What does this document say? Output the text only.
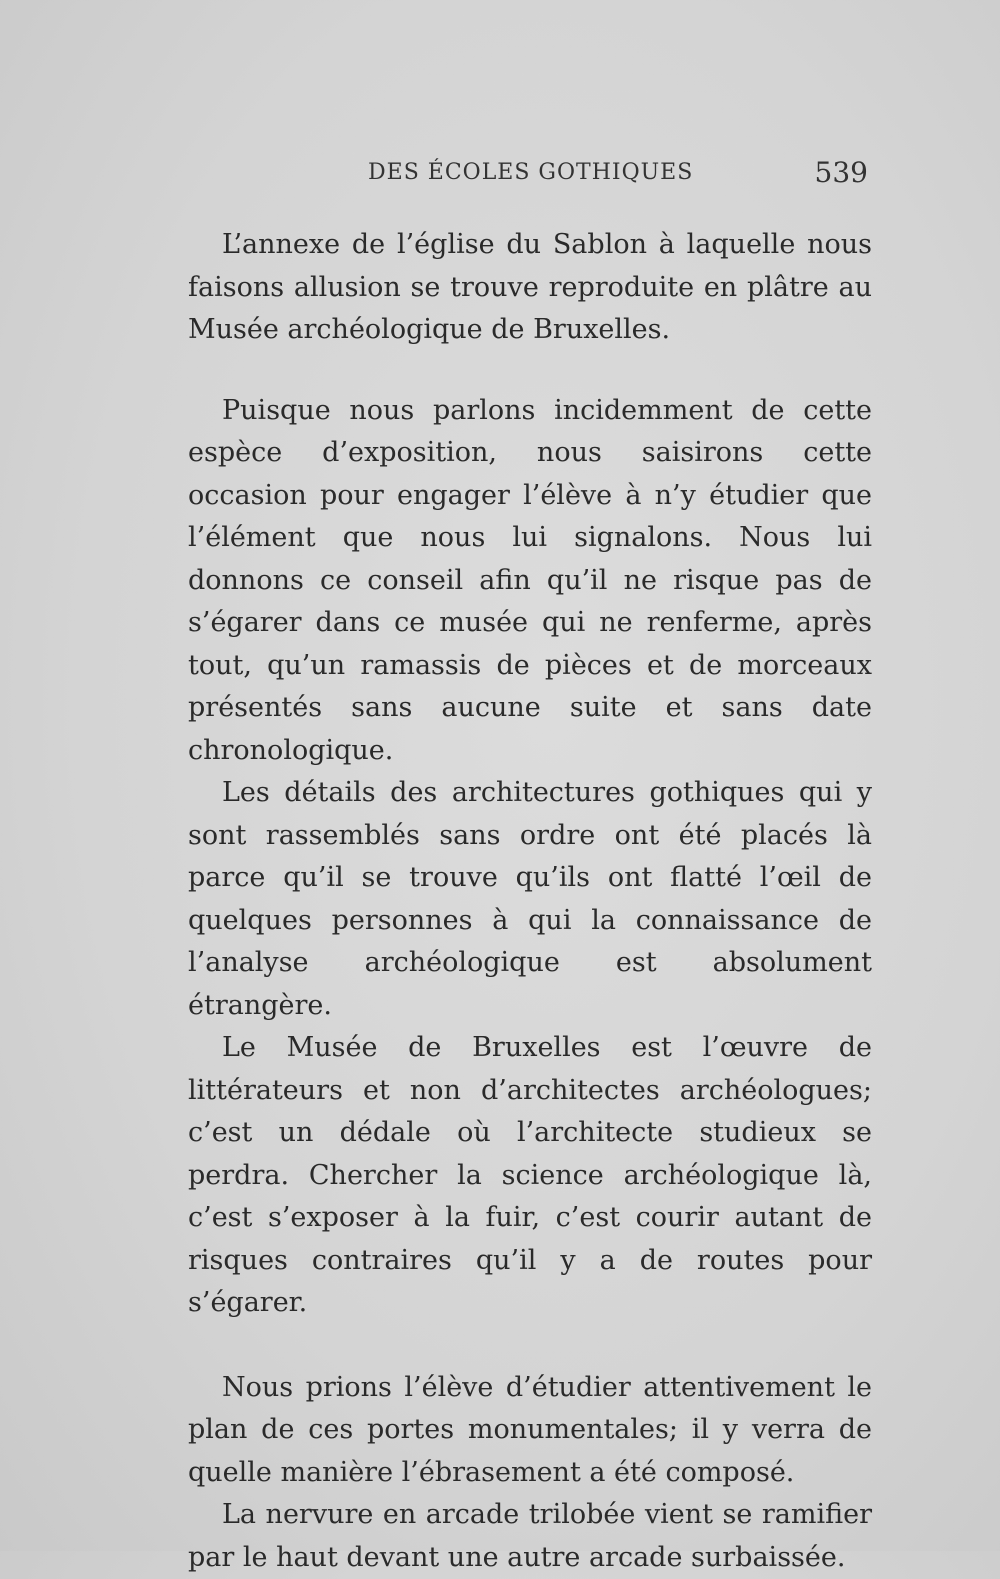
DES ÉCOLES GOTHIQUES	539

L’annexe de l’église du Sablon à laquelle nous faisons allusion se trouve reproduite en plâtre au Musée archéologique de Bruxelles.

Puisque nous parlons incidemment de cette espèce d’exposition, nous saisirons cette occasion pour engager l’élève à n’y étudier que l’élément que nous lui signalons. Nous lui donnons ce conseil afin qu’il ne risque pas de s’égarer dans ce musée qui ne renferme, après tout, qu’un ramassis de pièces et de morceaux présentés sans aucune suite et sans date chronologique.

Les détails des architectures gothiques qui y sont rassemblés sans ordre ont été placés là parce qu’il se trouve qu’ils ont flatté l’œil de quelques personnes à qui la connaissance de l’analyse archéologique est absolument étrangère.

Le Musée de Bruxelles est l’œuvre de littérateurs et non d’architectes archéologues; c’est un dédale où l’architecte studieux se perdra. Chercher la science archéologique là, c’est s’exposer à la fuir, c’est courir autant de risques contraires qu’il y a de routes pour s’égarer.

Nous prions l’élève d’étudier attentivement le plan de ces portes monumentales; il y verra de quelle manière l’ébrasement a été composé.

La nervure en arcade trilobée vient se ramifier par le haut devant une autre arcade surbaissée.
